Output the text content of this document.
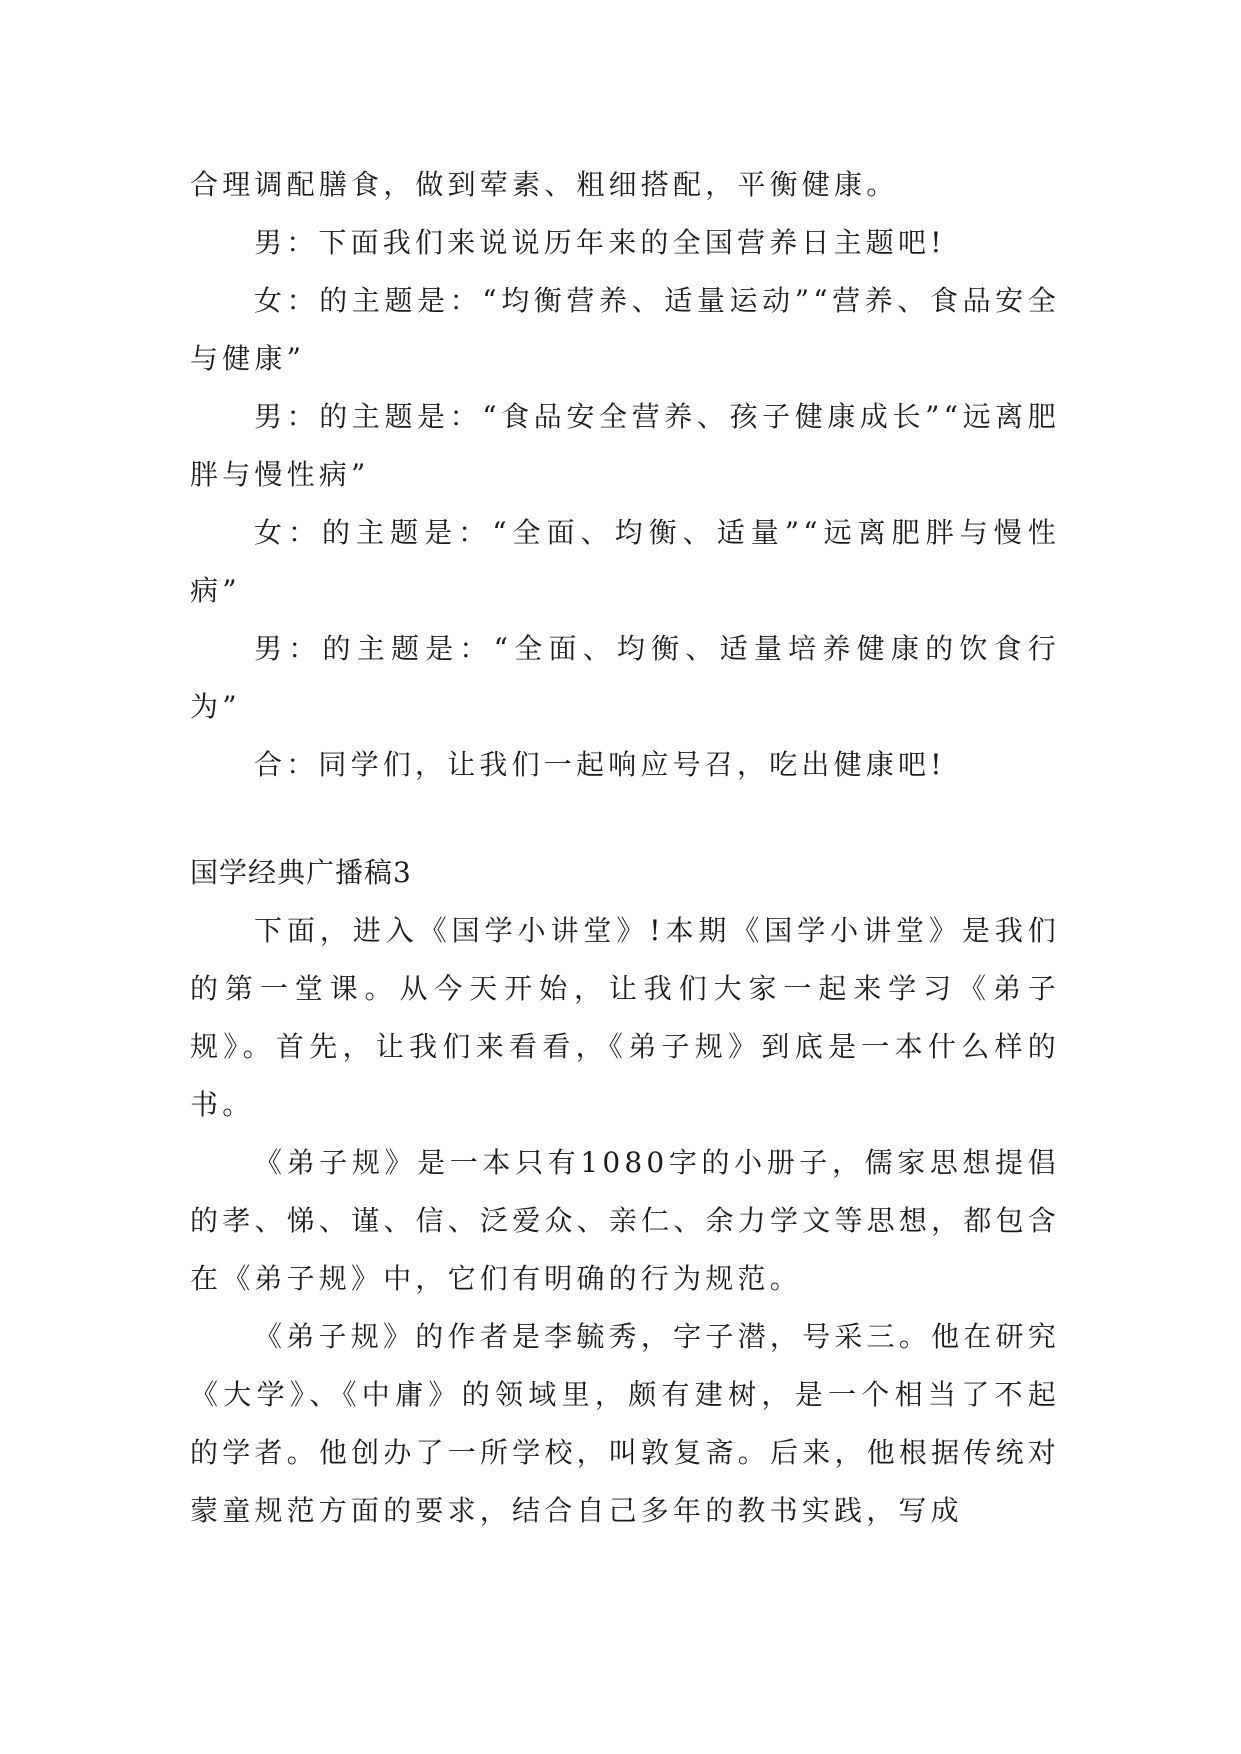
合理调配膳食，做到荤素、粗细搭配，平衡健康。

男：下面我们来说说历年来的全国营养日主题吧!

女：的主题是：“均衡营养、适量运动”“营养、食品安全与健康”

男：的主题是：“食品安全营养、孩子健康成长”“远离肥胖与慢性病”

女：的主题是：“全面、均衡、适量”“远离肥胖与慢性病”

男：的主题是：“全面、均衡、适量培养健康的饮食行为”

合：同学们，让我们一起响应号召，吃出健康吧!

国学经典广播稿3

下面，进入《国学小讲堂》!本期《国学小讲堂》是我们的第一堂课。从今天开始，让我们大家一起来学习《弟子规》。首先，让我们来看看，《弟子规》到底是一本什么样的书。

《弟子规》是一本只有1080字的小册子，儒家思想提倡的孝、悌、谨、信、泛爱众、亲仁、余力学文等思想，都包含在《弟子规》中，它们有明确的行为规范。

《弟子规》的作者是李毓秀，字子潜，号采三。他在研究《大学》、《中庸》的领域里，颇有建树，是一个相当了不起的学者。他创办了一所学校，叫敦复斋。后来，他根据传统对蒙童规范方面的要求，结合自己多年的教书实践，写成
